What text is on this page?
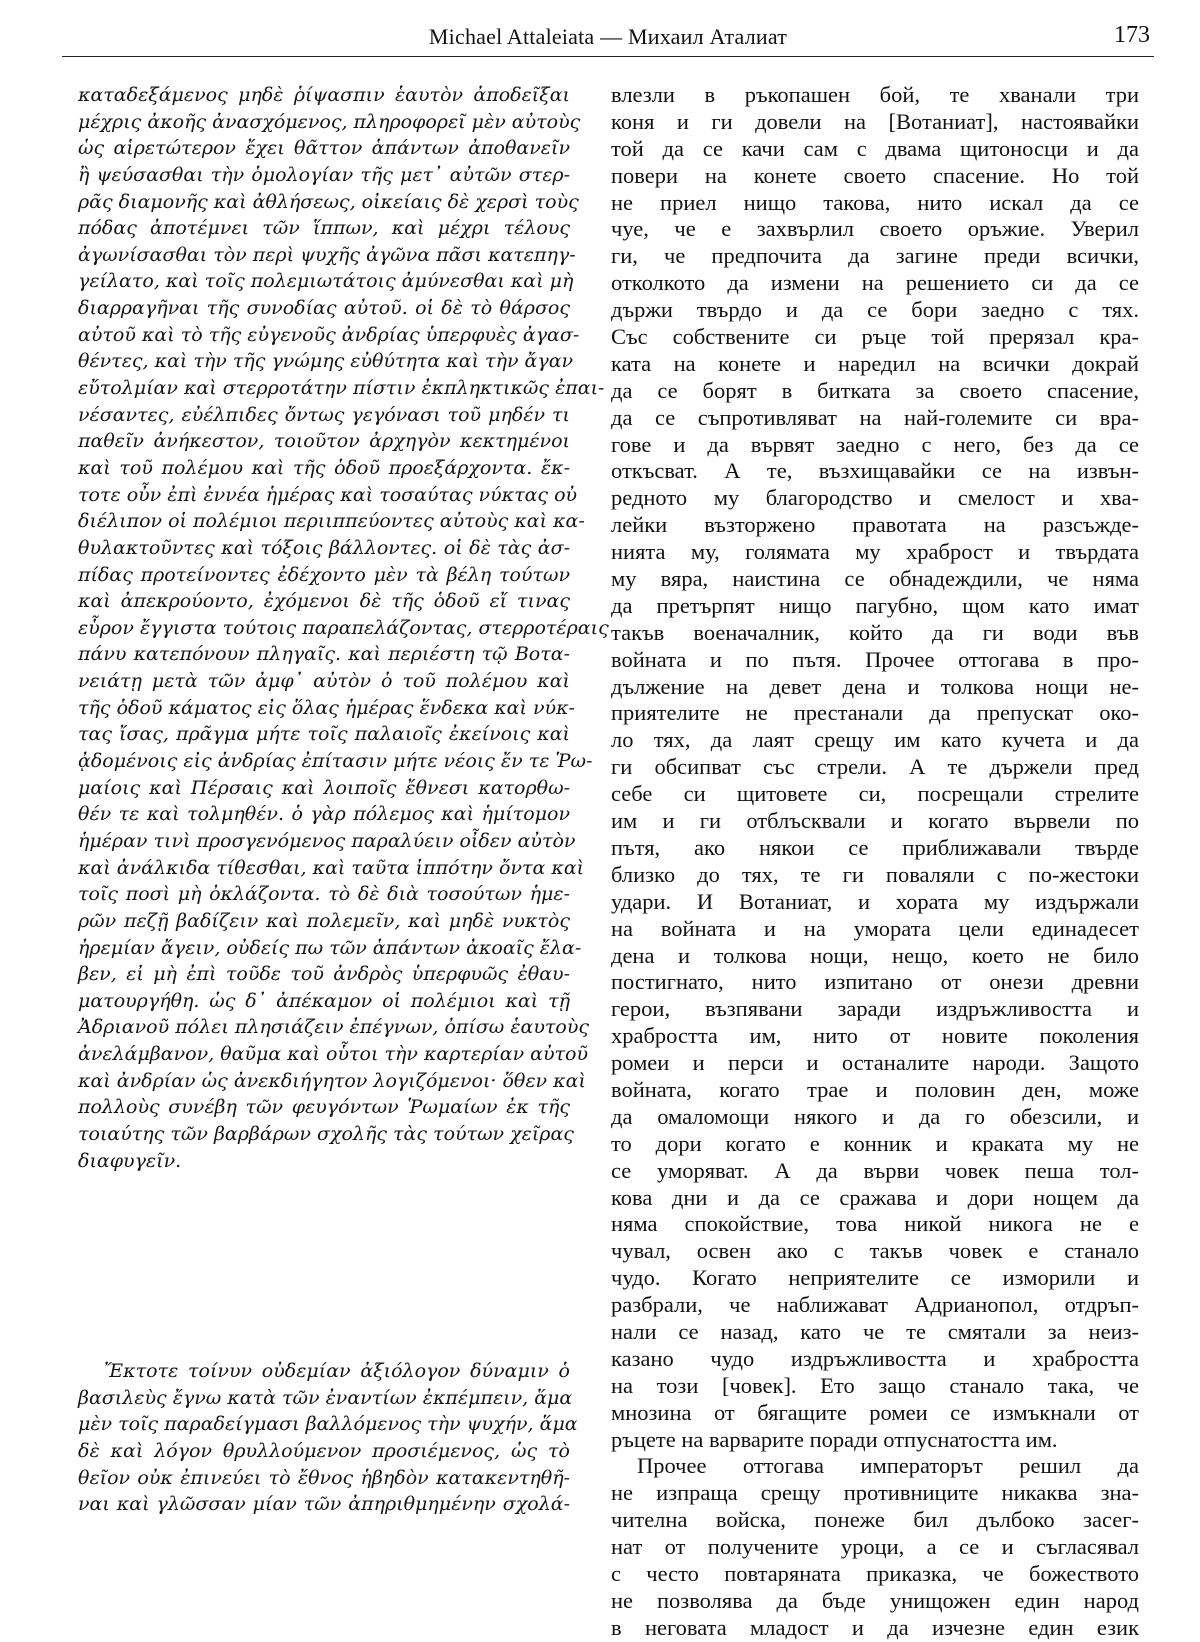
Michael Attaleiata — Михаил Аталиат	173
καταδεξάμενος μηδὲ ῥίψασπιν ἑαυτὸν ἀποδεῖξαι
μέχρις ἀκοῆς ἀνασχόμενος, πληροφορεῖ μὲν αὐτοὺς
ὡς αἱρετώτερον ἔχει θᾶττον ἁπάντων ἀποθανεῖν
ἢ ψεύσασθαι τὴν ὁμολογίαν τῆς μετ᾽ αὐτῶν στερ-
ρᾶς διαμονῆς καὶ ἀθλήσεως, οἰκείαις δὲ χερσὶ τοὺς
πόδας ἀποτέμνει τῶν ἵππων, καὶ μέχρι τέλους
ἀγωνίσασθαι τὸν περὶ ψυχῆς ἀγῶνα πᾶσι κατεπηγ-
γείλατο, καὶ τοῖς πολεμιωτάτοις ἀμύνεσθαι καὶ μὴ
διαρραγῆναι τῆς συνοδίας αὐτοῦ. οἱ δὲ τὸ θάρσος
αὐτοῦ καὶ τὸ τῆς εὐγενοῦς ἀνδρίας ὑπερφυὲς ἀγασ-
θέντες, καὶ τὴν τῆς γνώμης εὐθύτητα καὶ τὴν ἄγαν
εὔτολμίαν καὶ στερροτάτην πίστιν ἐκπληκτικῶς ἐπαι-
νέσαντες, εὐέλπιδες ὄντως γεγόνασι τοῦ μηδέν τι
παθεῖν ἀνήκεστον, τοιοῦτον ἀρχηγὸν κεκτημένοι
καὶ τοῦ πολέμου καὶ τῆς ὁδοῦ προεξάρχοντα. ἔκ-
τοτε οὖν ἐπὶ ἐννέα ἡμέρας καὶ τοσαύτας νύκτας οὐ
διέλιπον οἱ πολέμιοι περιιππεύοντες αὐτοὺς καὶ κα-
θυλακτοῦντες καὶ τόξοις βάλλοντες. οἱ δὲ τὰς ἀσ-
πίδας προτείνοντες ἐδέχοντο μὲν τὰ βέλη τούτων
καὶ ἀπεκρούοντο, ἐχόμενοι δὲ τῆς ὁδοῦ εἴ τινας
εὗρον ἔγγιστα τούτοις παραπελάζοντας, στερροτέραις
πάνυ κατεπόνουν πληγαῖς. καὶ περιέστη τῷ Βοτα-
νειάτῃ μετὰ τῶν ἀμφ᾽ αὐτὸν ὁ τοῦ πολέμου καὶ
τῆς ὁδοῦ κάματος εἰς ὅλας ἡμέρας ἕνδεκα καὶ νύκ-
τας ἴσας, πρᾶγμα μήτε τοῖς παλαιοῖς ἐκείνοις καὶ
ᾀδομένοις εἰς ἀνδρίας ἐπίτασιν μήτε νέοις ἔν τε Ῥω-
μαίοις καὶ Πέρσαις καὶ λοιποῖς ἔθνεσι κατορθω-
θέν τε καὶ τολμηθέν. ὁ γὰρ πόλεμος καὶ ἡμίτομον
ἡμέραν τινὶ προσγενόμενος παραλύειν οἶδεν αὐτὸν
καὶ ἀνάλκιδα τίθεσθαι, καὶ ταῦτα ἱππότην ὄντα καὶ
τοῖς ποσὶ μὴ ὀκλάζοντα. τὸ δὲ διὰ τοσούτων ἡμε-
ρῶν πεζῇ βαδίζειν καὶ πολεμεῖν, καὶ μηδὲ νυκτὸς
ἠρεμίαν ἄγειν, οὐδείς πω τῶν ἁπάντων ἀκοαῖς ἔλα-
βεν, εἰ μὴ ἐπὶ τοῦδε τοῦ ἀνδρὸς ὑπερφυῶς ἐθαυ-
ματουργήθη. ὡς δ᾽ ἀπέκαμον οἱ πολέμιοι καὶ τῇ
Ἀδριανοῦ πόλει πλησιάζειν ἐπέγνων, ὀπίσω ἑαυτοὺς
ἀνελάμβανον, θαῦμα καὶ οὗτοι τὴν καρτερίαν αὐτοῦ
καὶ ἀνδρίαν ὡς ἀνεκδιήγητον λογιζόμενοι· ὅθεν καὶ
πολλοὺς συνέβη τῶν φευγόντων Ῥωμαίων ἐκ τῆς
τοιαύτης τῶν βαρβάρων σχολῆς τὰς τούτων χεῖρας
διαφυγεῖν.
Ἔκτοτε τοίνυν οὐδεμίαν ἀξιόλογον δύναμιν ὁ
βασιλεὺς ἔγνω κατὰ τῶν ἐναντίων ἐκπέμπειν, ἅμα
μὲν τοῖς παραδείγμασι βαλλόμενος τὴν ψυχήν, ἅμα
δὲ καὶ λόγον θρυλλούμενον προσιέμενος, ὡς τὸ
θεῖον οὐκ ἐπινεύει τὸ ἔθνος ἡβηδὸν κατακεντηθῆ-
ναι καὶ γλῶσσαν μίαν τῶν ἀπηριθμημένην σχολά-
влезли в ръкопашен бой, те хванали три
коня и ги довели на [Вотаниат], настоявайки
той да се качи сам с двама щитоносци и да
повери на конете своето спасение. Но той
не приел нищо такова, нито искал да се
чуе, че е захвърлил своето оръжие. Уверил
ги, че предпочита да загине преди всички,
отколкото да измени на решението си да се
държи твърдо и да се бори заедно с тях.
Със собствените си ръце той прерязал кра-
ката на конете и наредил на всички докрай
да се борят в битката за своето спасение,
да се съпротивляват на най-големите си вра-
гове и да вървят заедно с него, без да се
откъсват. А те, възхищавайки се на извън-
редното му благородство и смелост и хва-
лейки възторжено правотата на разсъжде-
нията му, голямата му храброст и твърдата
му вяра, наистина се обнадеждили, че няма
да претърпят нищо пагубно, щом като имат
такъв военачалник, който да ги води във
войната и по пътя. Прочее оттогава в про-
дължение на девет дена и толкова нощи не-
приятелите не престанали да препускат око-
ло тях, да лаят срещу им като кучета и да
ги обсипват със стрели. А те държели пред
себе си щитовете си, посрещали стрелите
им и ги отблъсквали и когато вървели по
пътя, ако някои се приближавали твърде
близко до тях, те ги поваляли с по-жестоки
удари. И Вотаниат, и хората му издържали
на войната и на умората цели единадесет
дена и толкова нощи, нещо, което не било
постигнато, нито изпитано от онези древни
герои, възпявани заради издръжливостта и
храбростта им, нито от новите поколения
ромеи и перси и останалите народи. Защото
войната, когато трае и половин ден, може
да омаломощи някого и да го обезсили, и
то дори когато е конник и краката му не
се уморяват. А да върви човек пеша тол-
кова дни и да се сражава и дори нощем да
няма спокойствие, това никой никога не е
чувал, освен ако с такъв човек е станало
чудо. Когато неприятелите се изморили и
разбрали, че наближават Адрианопол, отдръп-
нали се назад, като че те смятали за неиз-
казано чудо издръжливостта и храбростта
на този [човек]. Ето защо станало така, че
мнозина от бягащите ромеи се измъкнали от
ръцете на варварите поради отпуснатостта им.
Прочее оттогава императорът решил да
не изпраща срещу противниците никаква зна-
чителна войска, понеже бил дълбоко засег-
нат от получените уроци, а се и съгласявал
с често повтаряната приказка, че божеството
не позволява да бъде унищожен един народ
в неговата младост и да изчезне един език
